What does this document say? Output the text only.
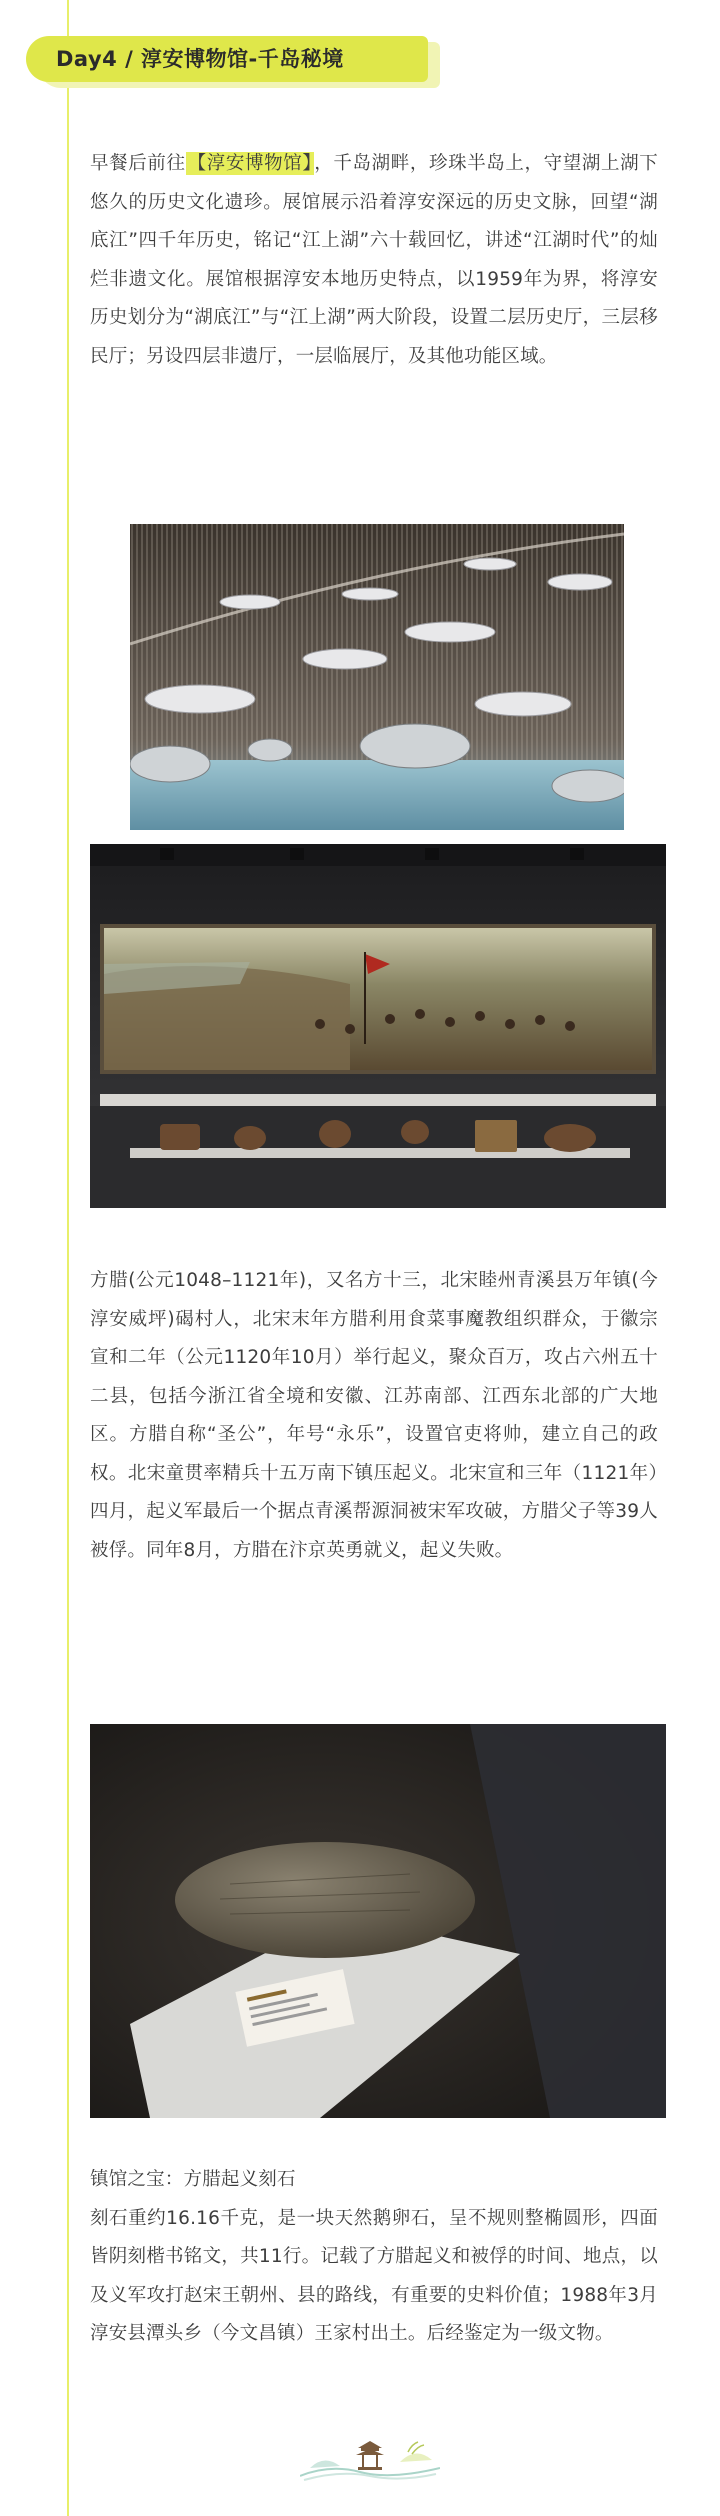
Day4 / 淳安博物馆-千岛秘境

早餐后前往 【淳安博物馆】 ，千岛湖畔，珍珠半岛上，守望湖上湖下悠久的历史文化遗珍。展馆展示沿着淳安深远的历史文脉，回望“湖底江”四千年历史，铭记“江上湖”六十载回忆，讲述“江湖时代”的灿烂非遗文化。展馆根据淳安本地历史特点，以1959年为界，将淳安历史划分为“湖底江”与“江上湖”两大阶段，设置二层历史厅，三层移民厅；另设四层非遗厅，一层临展厅，及其他功能区域。

方腊(公元1048–1121年)，又名方十三，北宋睦州青溪县万年镇(今淳安威坪)碣村人，北宋末年方腊利用食菜事魔教组织群众，于徽宗宣和二年（公元1120年10月）举行起义，聚众百万，攻占六州五十二县，包括今浙江省全境和安徽、江苏南部、江西东北部的广大地区。方腊自称“圣公”，年号“永乐”，设置官吏将帅，建立自己的政权。北宋童贯率精兵十五万南下镇压起义。北宋宣和三年（1121年）四月，起义军最后一个据点青溪帮源洞被宋军攻破，方腊父子等39人被俘。同年8月，方腊在汴京英勇就义，起义失败。

镇馆之宝：方腊起义刻石
刻石重约16.16千克，是一块天然鹅卵石，呈不规则整椭圆形，四面皆阴刻楷书铭文，共11行。记载了方腊起义和被俘的时间、地点，以及义军攻打赵宋王朝州、县的路线，有重要的史料价值；1988年3月淳安县潭头乡（今文昌镇）王家村出土。后经鉴定为一级文物。
